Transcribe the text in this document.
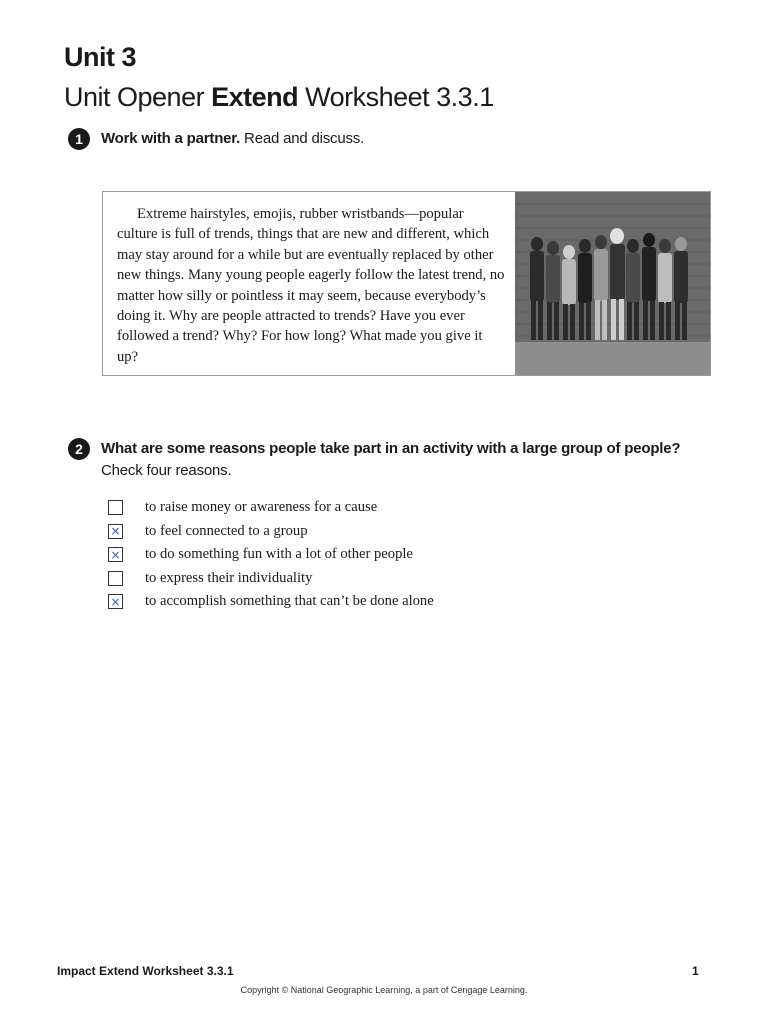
Unit 3
Unit Opener Extend Worksheet 3.3.1
1	Work with a partner. Read and discuss.

Extreme hairstyles, emojis, rubber wristbands—popular culture is full of trends, things that are new and different, which may stay around for a while but are eventually replaced by other new things. Many young people eagerly follow the latest trend, no matter how silly or pointless it may seem, because everybody’s doing it. Why are people attracted to trends? Have you ever followed a trend? Why? For how long? What made you give it up?

2	What are some reasons people take part in an activity with a large group of people?
Check four reasons.
to raise money or awareness for a cause
× to feel connected to a group
× to do something fun with a lot of other people
to express their individuality
× to accomplish something that can’t be done alone
Impact Extend Worksheet 3.3.1	1
Copyright © National Geographic Learning, a part of Cengage Learning.
